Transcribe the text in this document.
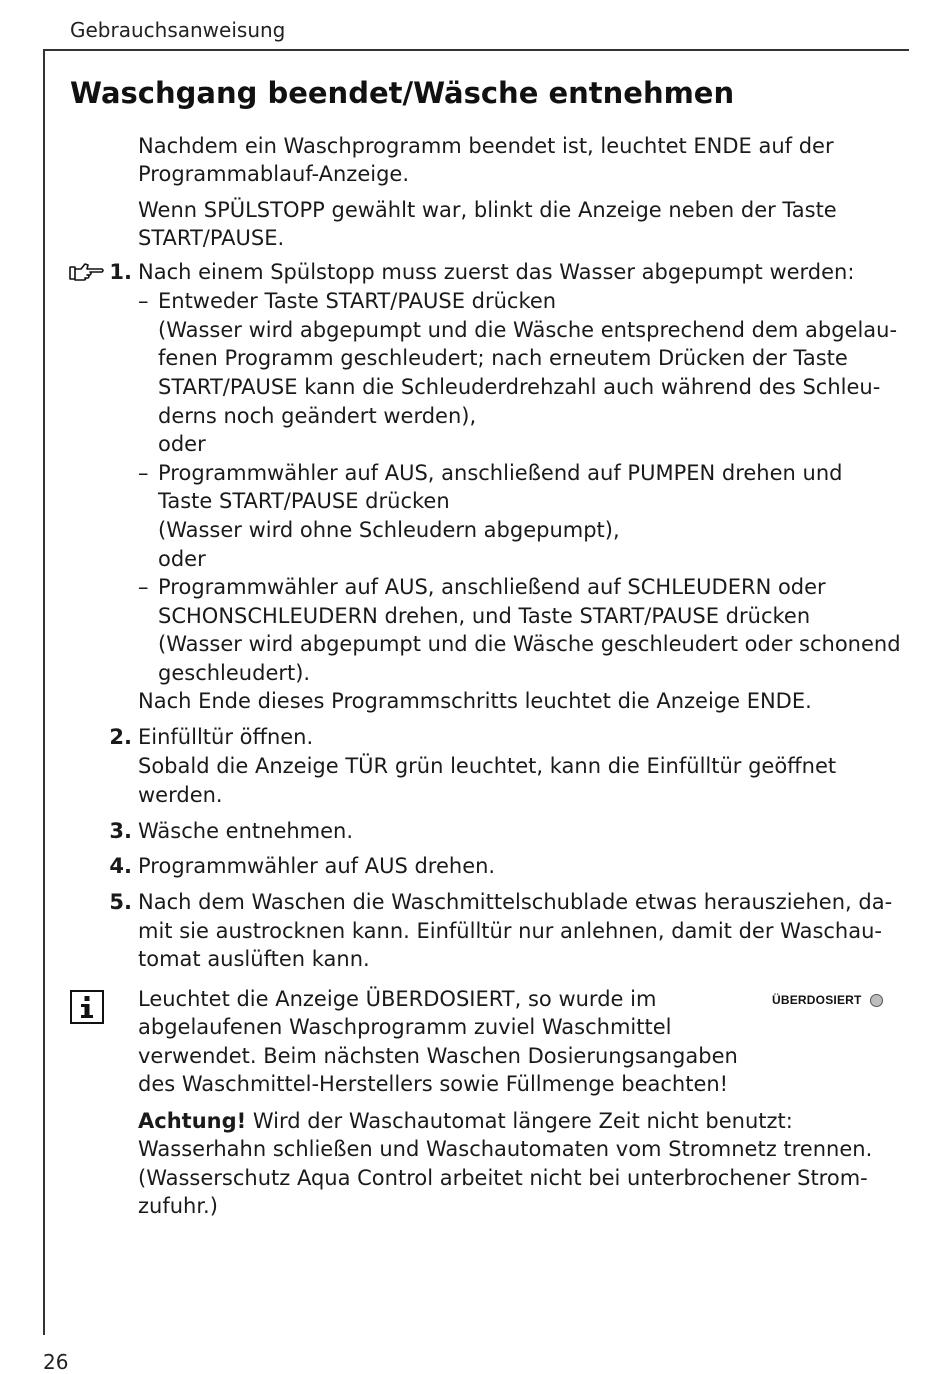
Gebrauchsanweisung
Waschgang beendet/Wäsche entnehmen
Nachdem ein Waschprogramm beendet ist, leuchtet ENDE auf der
Programmablauf-Anzeige.
Wenn SPÜLSTOPP gewählt war, blinkt die Anzeige neben der Taste
START/PAUSE.
1. Nach einem Spülstopp muss zuerst das Wasser abgepumpt werden:
– Entweder Taste START/PAUSE drücken
(Wasser wird abgepumpt und die Wäsche entsprechend dem abgelau-
fenen Programm geschleudert; nach erneutem Drücken der Taste
START/PAUSE kann die Schleuderdrehzahl auch während des Schleu-
derns noch geändert werden),
oder
– Programmwähler auf AUS, anschließend auf PUMPEN drehen und
Taste START/PAUSE drücken
(Wasser wird ohne Schleudern abgepumpt),
oder
– Programmwähler auf AUS, anschließend auf SCHLEUDERN oder
SCHONSCHLEUDERN drehen, und Taste START/PAUSE drücken
(Wasser wird abgepumpt und die Wäsche geschleudert oder schonend
geschleudert).
Nach Ende dieses Programmschritts leuchtet die Anzeige ENDE.
2. Einfülltür öffnen.
Sobald die Anzeige TÜR grün leuchtet, kann die Einfülltür geöffnet
werden.
3. Wäsche entnehmen.
4. Programmwähler auf AUS drehen.
5. Nach dem Waschen die Waschmittelschublade etwas herausziehen, da-
mit sie austrocknen kann. Einfülltür nur anlehnen, damit der Waschau-
tomat auslüften kann.
Leuchtet die Anzeige ÜBERDOSIERT, so wurde im
abgelaufenen Waschprogramm zuviel Waschmittel
verwendet. Beim nächsten Waschen Dosierungsangaben
des Waschmittel-Herstellers sowie Füllmenge beachten!
ÜBERDOSIERT
Achtung! Wird der Waschautomat längere Zeit nicht benutzt:
Wasserhahn schließen und Waschautomaten vom Stromnetz trennen.
(Wasserschutz Aqua Control arbeitet nicht bei unterbrochener Strom-
zufuhr.)
26
